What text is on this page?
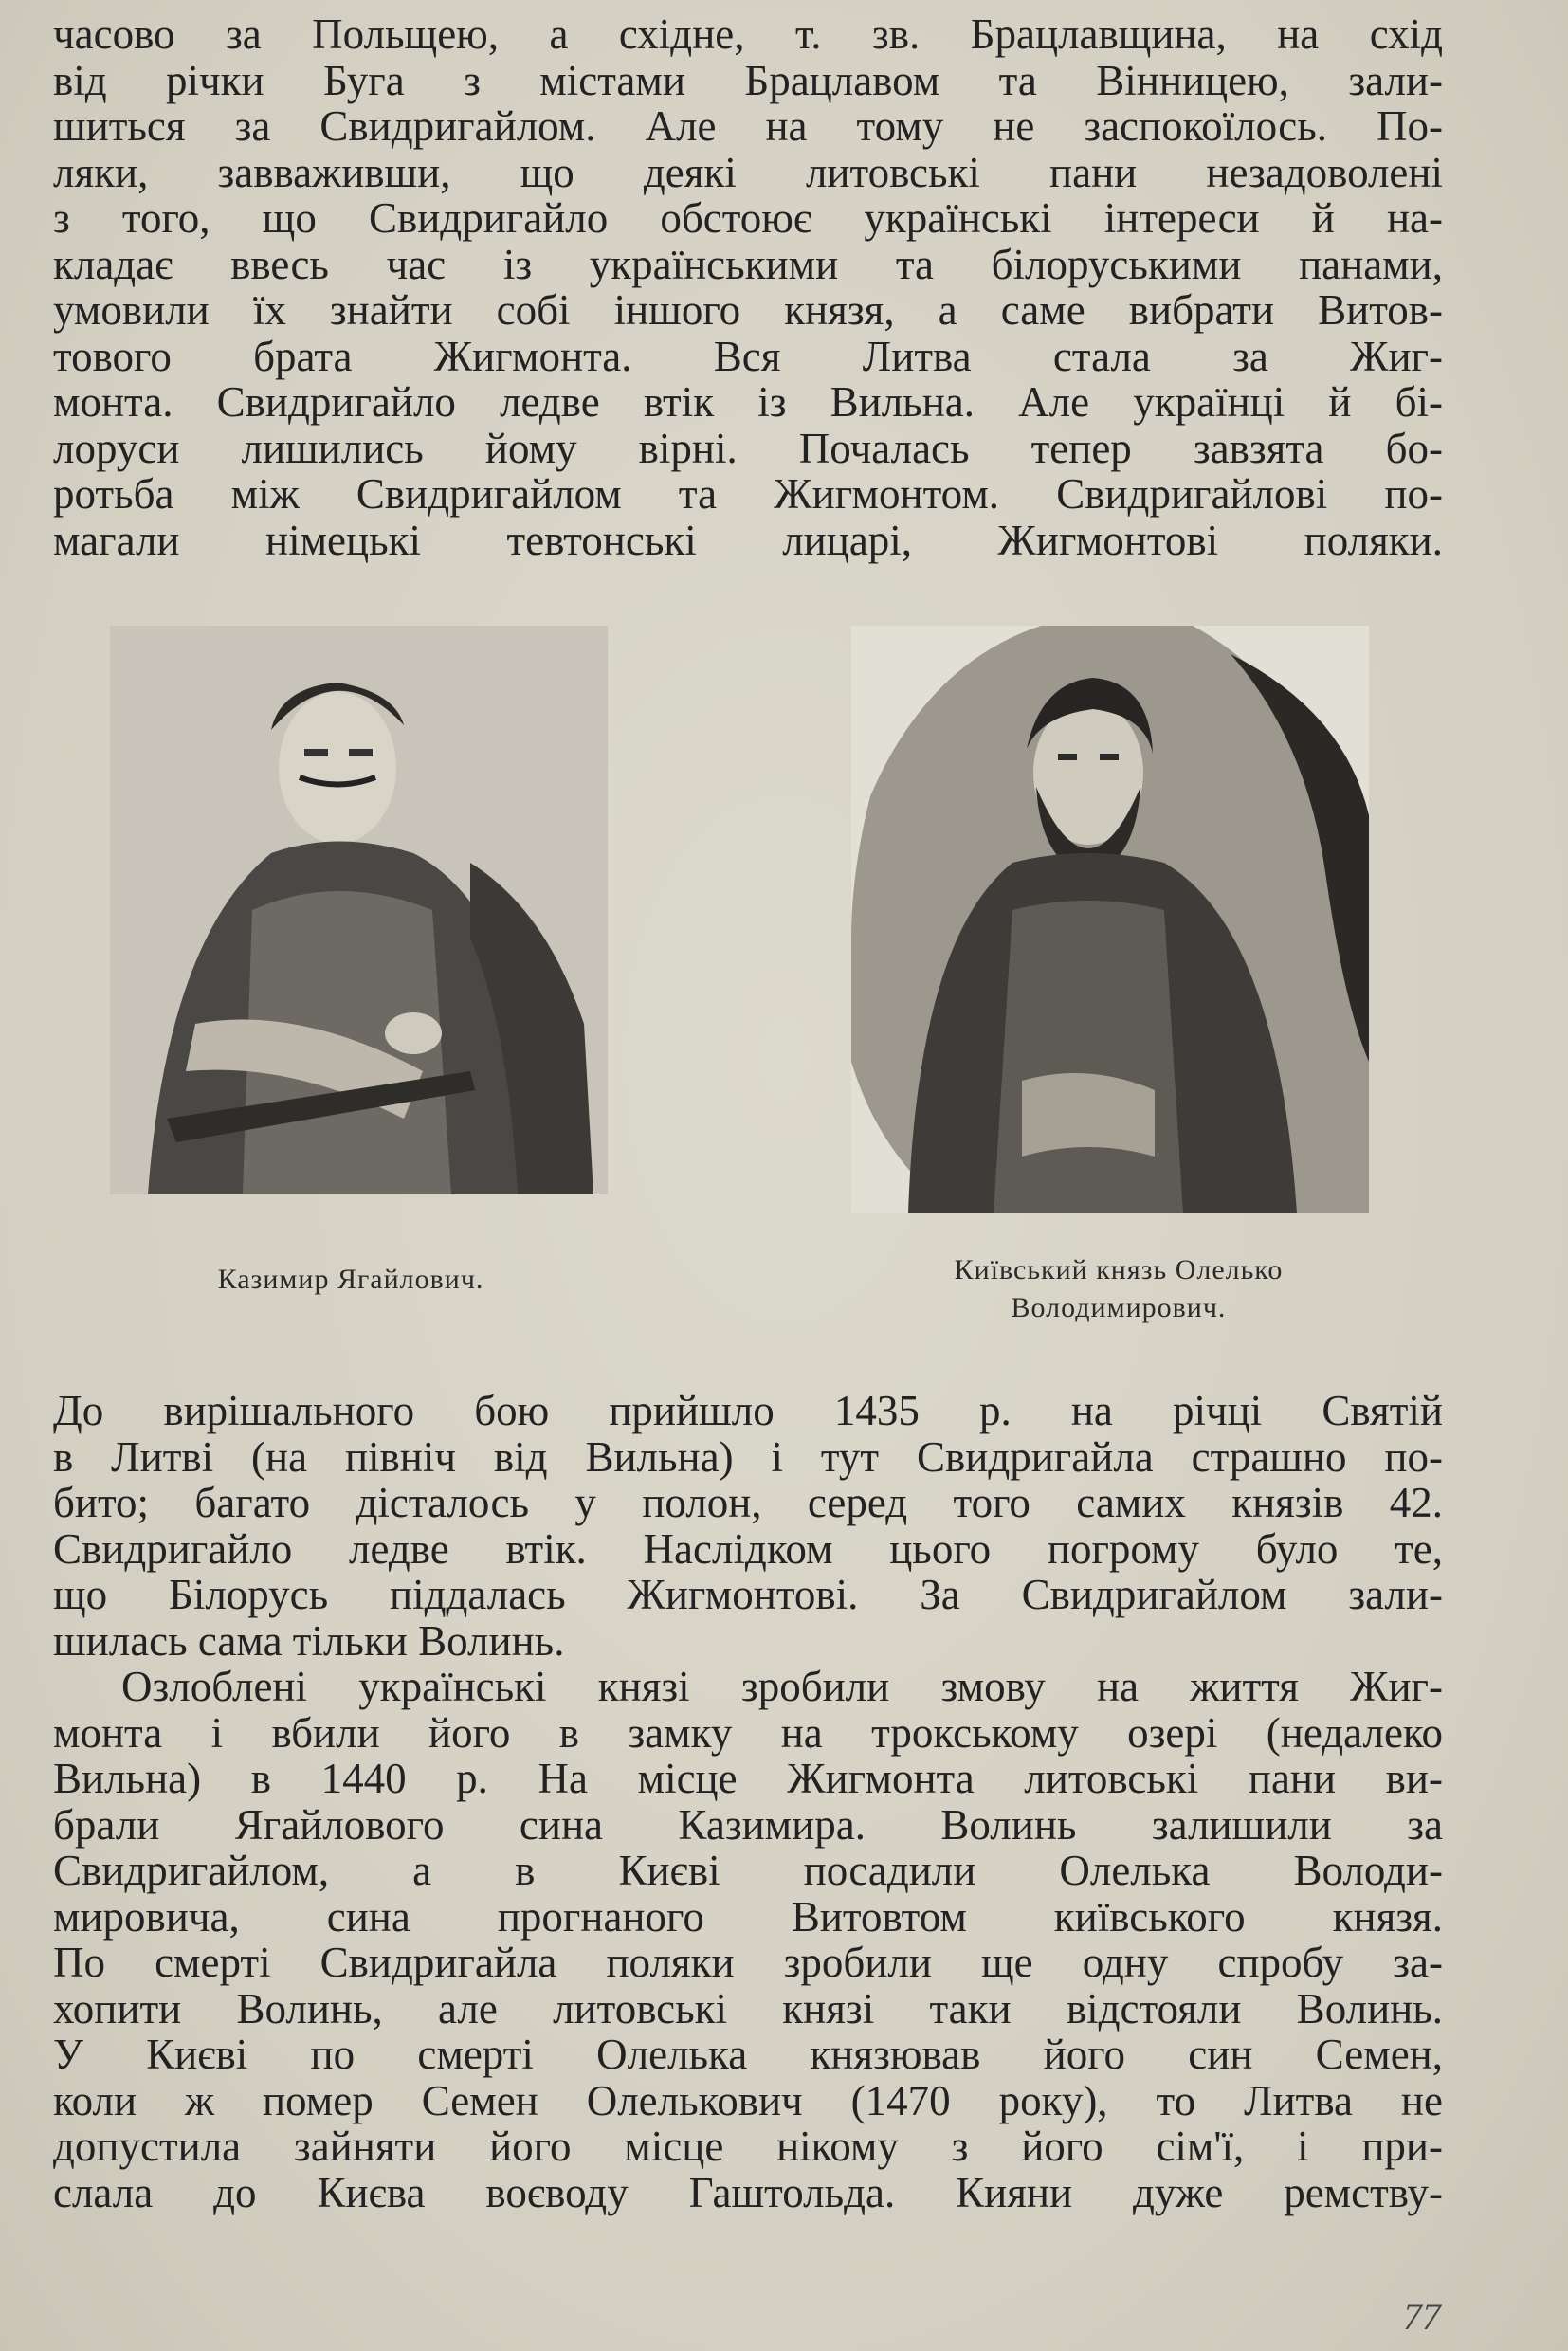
часово за Польщею, а східне, т. зв. Брацлавщина, на схід
від річки Буга з містами Брацлавом та Вінницею, зали-
шиться за Свидригайлом. Але на тому не заспокоїлось. По-
ляки, завваживши, що деякі литовські пани незадоволені
з того, що Свидригайло обстоює українські інтереси й на-
кладає ввесь час із українськими та білоруськими панами,
умовили їх знайти собі іншого князя, а саме вибрати Витов-
тового брата Жигмонта. Вся Литва стала за Жиг-
монта. Свидригайло ледве втік із Вильна. Але українці й бі-
лоруси лишились йому вірні. Почалась тепер завзята бо-
ротьба між Свидригайлом та Жигмонтом. Свидригайлові по-
магали німецькі тевтонські лицарі, Жигмонтові поляки.
Казимир Ягайлович.	Київський князь Олелько
Володимирович.
До вирішального бою прийшло 1435 р. на річці Святій
в Литві (на північ від Вильна) і тут Свидригайла страшно по-
бито; багато дісталось у полон, серед того самих князів 42.
Свидригайло ледве втік. Наслідком цього погрому було те,
що Білорусь піддалась Жигмонтові. За Свидригайлом зали-
шилась сама тільки Волинь.
Озлоблені українські князі зробили змову на життя Жиг-
монта і вбили його в замку на трокському озері (недалеко
Вильна) в 1440 р. На місце Жигмонта литовські пани ви-
брали Ягайлового сина Казимира. Волинь залишили за
Свидригайлом, а в Києві посадили Олелька Володи-
мировича, сина прогнаного Витовтом київського князя.
По смерті Свидригайла поляки зробили ще одну спробу за-
хопити Волинь, але литовські князі таки відстояли Волинь.
У Києві по смерті Олелька князював його син Семен,
коли ж помер Семен Олелькович (1470 року), то Литва не
допустила зайняти його місце нікому з його сім'ї, і при-
слала до Києва воєводу Гаштольда. Кияни дуже ремству-
77
